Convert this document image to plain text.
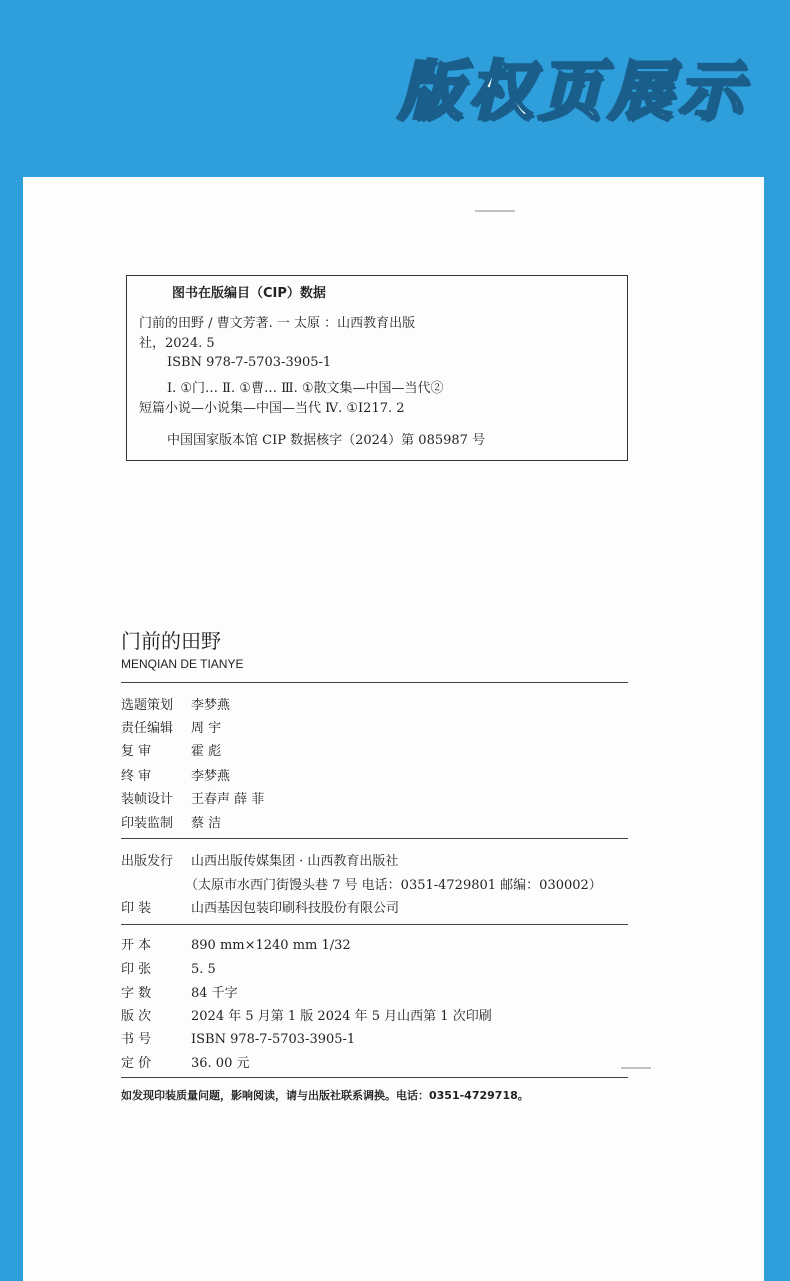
版权页展示
图书在版编目（CIP）数据
门前的田野 / 曹文芳著. 一 太原 ：山西教育出版
社，2024. 5
ISBN 978-7-5703-3905-1
Ⅰ. ①门… Ⅱ. ①曹… Ⅲ. ①散文集—中国—当代②
短篇小说—小说集—中国—当代 Ⅳ. ①I217. 2
中国国家版本馆 CIP 数据核字（2024）第 085987 号
门前的田野
MENQIAN DE TIANYE
选题策划 李梦燕
责任编辑 周 宇
复 审	霍 彪
终 审	李梦燕
装帧设计 王春声 薛 菲
印装监制 蔡 洁
出版发行 山西出版传媒集团 · 山西教育出版社
（太原市水西门街馒头巷 7 号 电话：0351-4729801 邮编：030002）
印 装	山西基因包装印刷科技股份有限公司
开 本	890 mm×1240 mm 1/32
印 张	5. 5
字 数	84 千字
版 次	2024 年 5 月第 1 版 2024 年 5 月山西第 1 次印刷
书 号	ISBN 978-7-5703-3905-1
定 价	36. 00 元
如发现印装质量问题，影响阅读，请与出版社联系调换。电话：0351-4729718。
